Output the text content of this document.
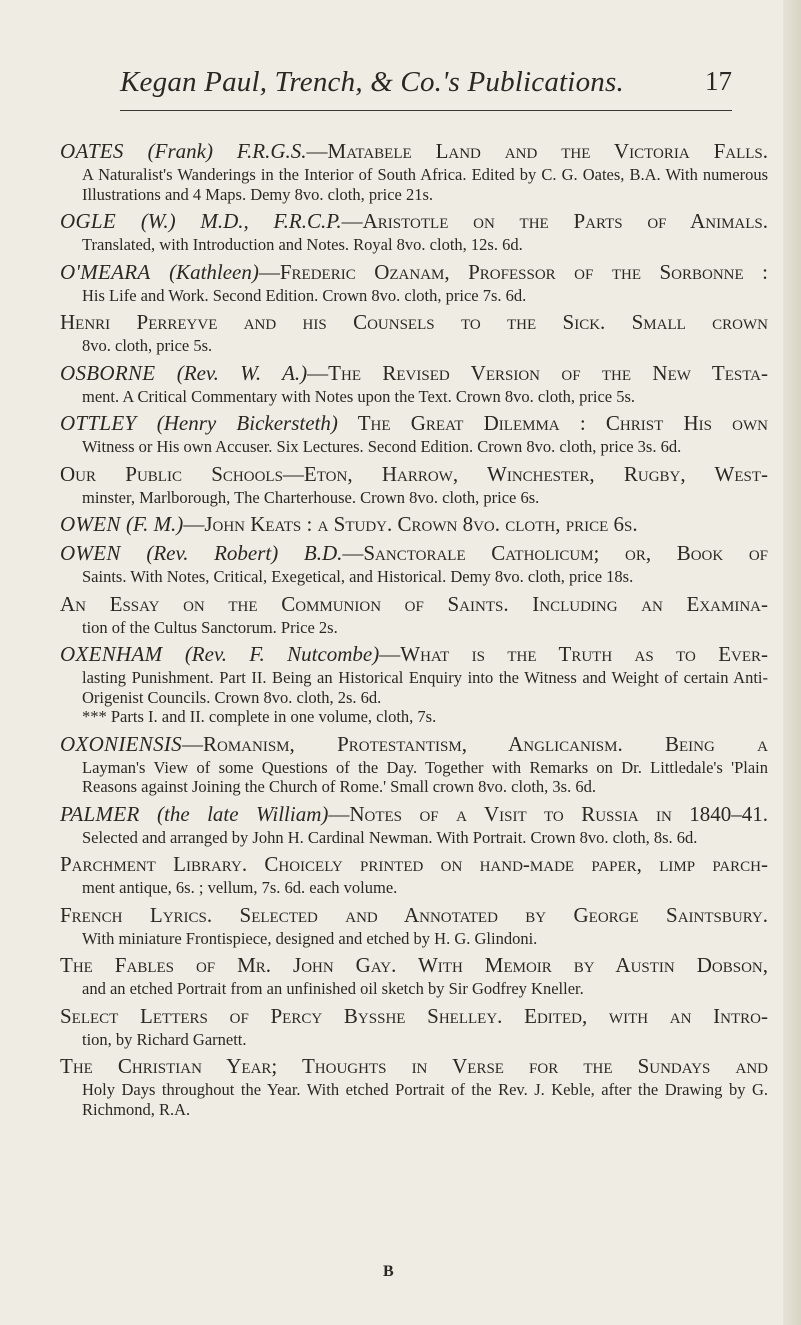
Kegan Paul, Trench, & Co.'s Publications.	17
OATES (Frank) F.R.G.S.—Matabele Land and the Victoria Falls.
A Naturalist's Wanderings in the Interior of South Africa. Edited by C. G. Oates, B.A. With numerous Illustrations and 4 Maps. Demy 8vo. cloth, price 21s.
OGLE (W.) M.D., F.R.C.P.—Aristotle on the Parts of Animals.
Translated, with Introduction and Notes. Royal 8vo. cloth, 12s. 6d.
O'MEARA (Kathleen)—Frederic Ozanam, Professor of the Sorbonne :
His Life and Work. Second Edition. Crown 8vo. cloth, price 7s. 6d.
Henri Perreyve and his Counsels to the Sick. Small crown
8vo. cloth, price 5s.
OSBORNE (Rev. W. A.)—The Revised Version of the New Testa-
ment. A Critical Commentary with Notes upon the Text. Crown 8vo. cloth, price 5s.
OTTLEY (Henry Bickersteth) The Great Dilemma : Christ His own
Witness or His own Accuser. Six Lectures. Second Edition. Crown 8vo. cloth, price 3s. 6d.
Our Public Schools—Eton, Harrow, Winchester, Rugby, West-
minster, Marlborough, The Charterhouse. Crown 8vo. cloth, price 6s.
OWEN (F. M.)—John Keats : a Study. Crown 8vo. cloth, price 6s.
OWEN (Rev. Robert) B.D.—Sanctorale Catholicum; or, Book of
Saints. With Notes, Critical, Exegetical, and Historical. Demy 8vo. cloth, price 18s.
An Essay on the Communion of Saints. Including an Examina-
tion of the Cultus Sanctorum. Price 2s.
OXENHAM (Rev. F. Nutcombe)—What is the Truth as to Ever-
lasting Punishment. Part II. Being an Historical Enquiry into the Witness and Weight of certain Anti-Origenist Councils. Crown 8vo. cloth, 2s. 6d.
*** Parts I. and II. complete in one volume, cloth, 7s.
OXONIENSIS—Romanism, Protestantism, Anglicanism. Being a
Layman's View of some Questions of the Day. Together with Remarks on Dr. Littledale's 'Plain Reasons against Joining the Church of Rome.' Small crown 8vo. cloth, 3s. 6d.
PALMER (the late William)—Notes of a Visit to Russia in 1840–41.
Selected and arranged by John H. Cardinal Newman. With Portrait. Crown 8vo. cloth, 8s. 6d.
Parchment Library. Choicely printed on hand-made paper, limp parch-
ment antique, 6s. ; vellum, 7s. 6d. each volume.
French Lyrics. Selected and Annotated by George Saintsbury.
With miniature Frontispiece, designed and etched by H. G. Glindoni.
The Fables of Mr. John Gay. With Memoir by Austin Dobson,
and an etched Portrait from an unfinished oil sketch by Sir Godfrey Kneller.
Select Letters of Percy Bysshe Shelley. Edited, with an Intro-
tion, by Richard Garnett.
The Christian Year; Thoughts in Verse for the Sundays and
Holy Days throughout the Year. With etched Portrait of the Rev. J. Keble, after the Drawing by G. Richmond, R.A.
B
